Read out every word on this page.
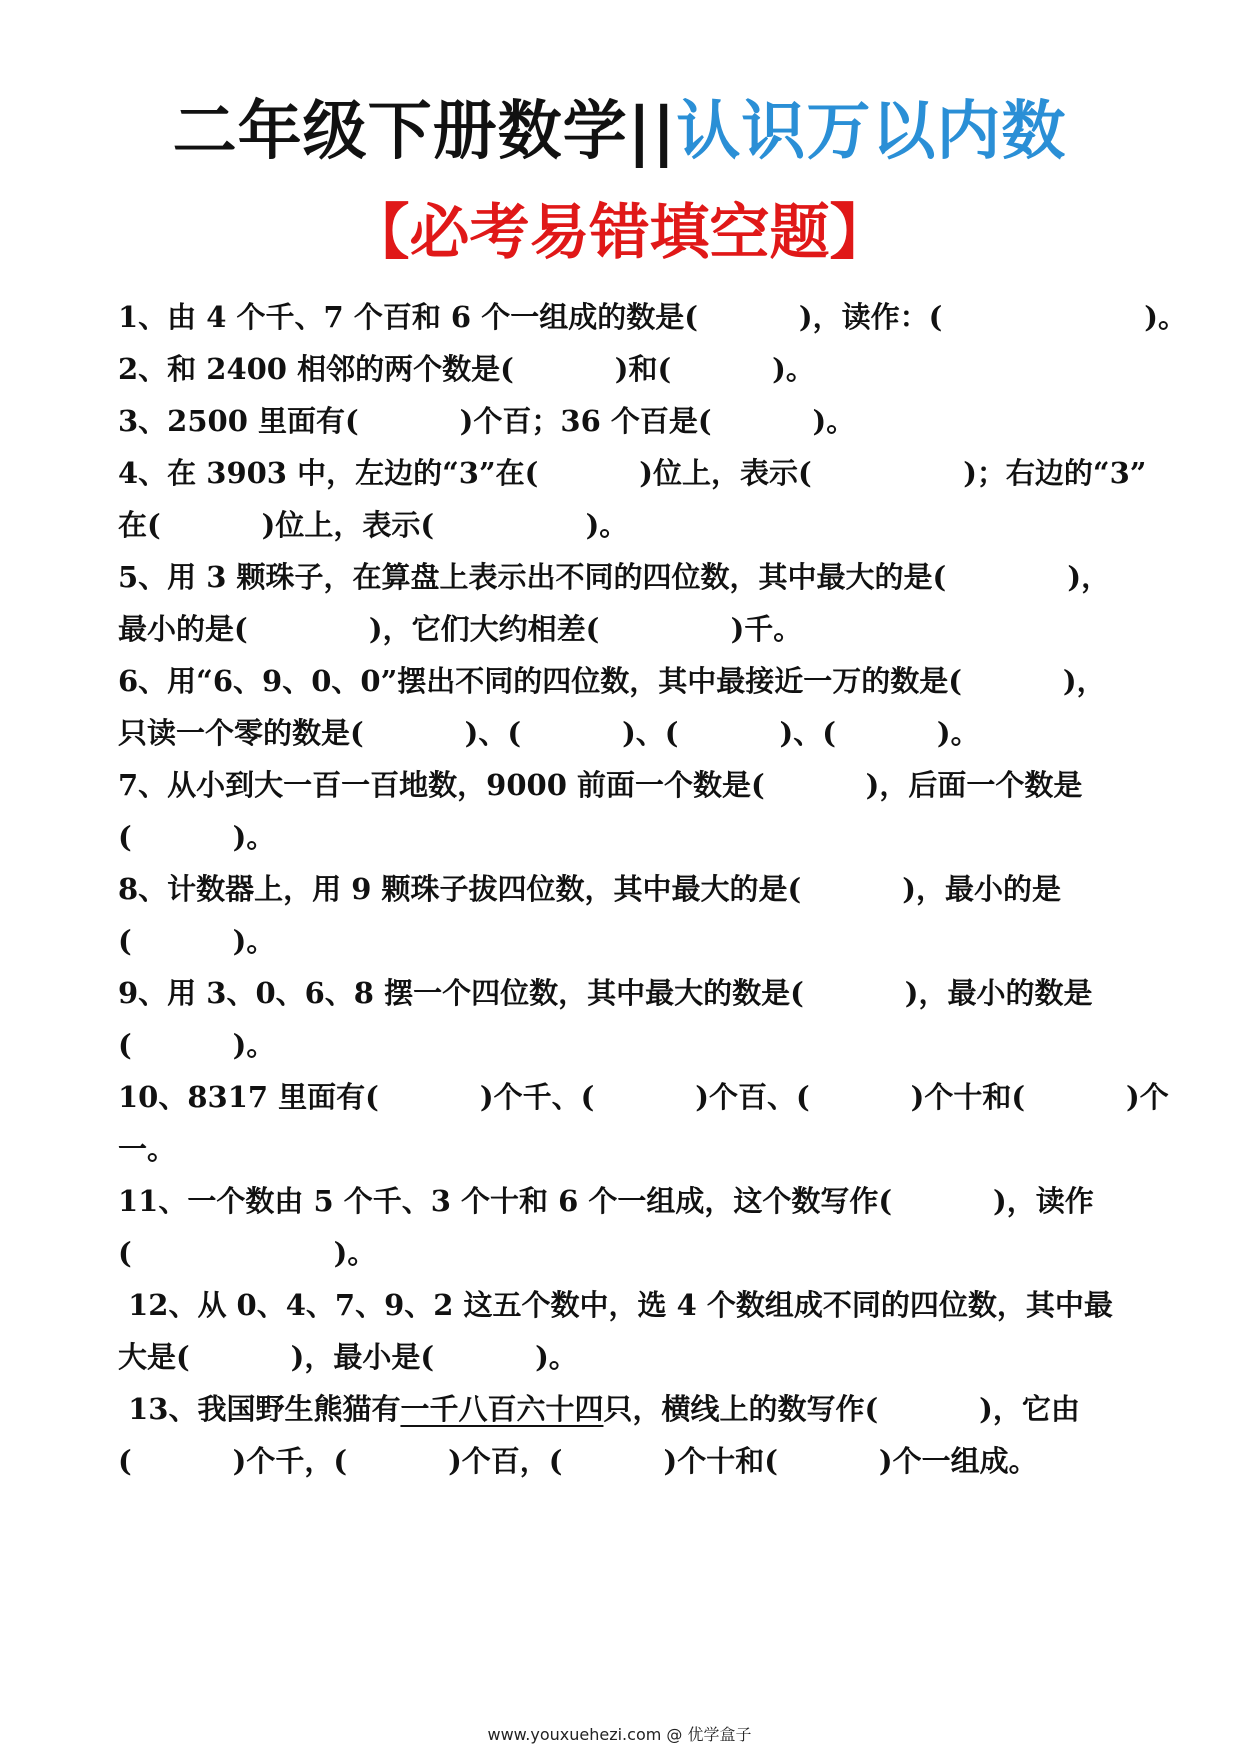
二年级下册数学||认识万以内数
【必考易错填空题】
1、由 4 个千、7 个百和 6 个一组成的数是(          )，读作：(                    )。
2、和 2400 相邻的两个数是(          )和(          )。
3、2500 里面有(          )个百；36 个百是(          )。
4、在 3903 中，左边的“3”在(          )位上，表示(               )；右边的“3”
在(          )位上，表示(               )。
5、用 3 颗珠子，在算盘上表示出不同的四位数，其中最大的是(            )，
最小的是(            )，它们大约相差(             )千。
6、用“6、9、0、0”摆出不同的四位数，其中最接近一万的数是(          )，
只读一个零的数是(          )、(          )、(          )、(          )。
7、从小到大一百一百地数，9000 前面一个数是(          )，后面一个数是
(          )。
8、计数器上，用 9 颗珠子拔四位数，其中最大的是(          )，最小的是
(          )。
9、用 3、0、6、8 摆一个四位数，其中最大的数是(          )，最小的数是
(          )。
10、8317 里面有(          )个千、(          )个百、(          )个十和(          )个
一。
11、一个数由 5 个千、3 个十和 6 个一组成，这个数写作(          )，读作
(                    )。
12、从 0、4、7、9、2 这五个数中，选 4 个数组成不同的四位数，其中最
大是(          )，最小是(          )。
13、我国野生熊猫有一千八百六十四只，横线上的数写作(          )，它由
(          )个千，(          )个百，(          )个十和(          )个一组成。
www.youxuehezi.com @ 优学盒子
